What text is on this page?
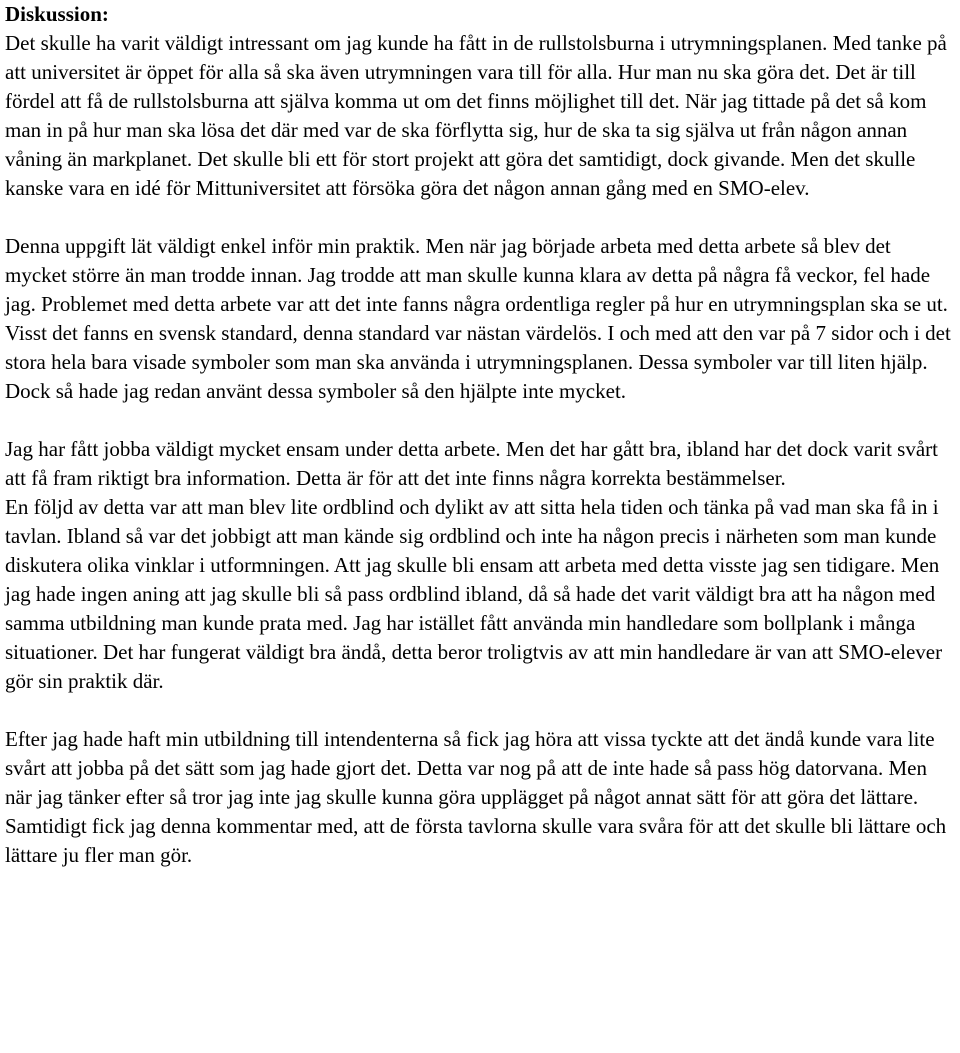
Diskussion:

Det skulle ha varit väldigt intressant om jag kunde ha fått in de rullstolsburna i utrymningsplanen. Med tanke på att universitet är öppet för alla så ska även utrymningen vara till för alla. Hur man nu ska göra det. Det är till fördel att få de rullstolsburna att själva komma ut om det finns möjlighet till det. När jag tittade på det så kom man in på hur man ska lösa det där med var de ska förflytta sig, hur de ska ta sig själva ut från någon annan våning än markplanet. Det skulle bli ett för stort projekt att göra det samtidigt, dock givande. Men det skulle kanske vara en idé för Mittuniversitet att försöka göra det någon annan gång med en SMO-elev.

Denna uppgift lät väldigt enkel inför min praktik. Men när jag började arbeta med detta arbete så blev det mycket större än man trodde innan. Jag trodde att man skulle kunna klara av detta på några få veckor, fel hade jag. Problemet med detta arbete var att det inte fanns några ordentliga regler på hur en utrymningsplan ska se ut. Visst det fanns en svensk standard, denna standard var nästan värdelös. I och med att den var på 7 sidor och i det stora hela bara visade symboler som man ska använda i utrymningsplanen. Dessa symboler var till liten hjälp. Dock så hade jag redan använt dessa symboler så den hjälpte inte mycket.

Jag har fått jobba väldigt mycket ensam under detta arbete. Men det har gått bra, ibland har det dock varit svårt att få fram riktigt bra information. Detta är för att det inte finns några korrekta bestämmelser.

En följd av detta var att man blev lite ordblind och dylikt av att sitta hela tiden och tänka på vad man ska få in i tavlan. Ibland så var det jobbigt att man kände sig ordblind och inte ha någon precis i närheten som man kunde diskutera olika vinklar i utformningen. Att jag skulle bli ensam att arbeta med detta visste jag sen tidigare. Men jag hade ingen aning att jag skulle bli så pass ordblind ibland, då så hade det varit väldigt bra att ha någon med samma utbildning man kunde prata med. Jag har istället fått använda min handledare som bollplank i många situationer. Det har fungerat väldigt bra ändå, detta beror troligtvis av att min handledare är van att SMO-elever gör sin praktik där.

Efter jag hade haft min utbildning till intendenterna så fick jag höra att vissa tyckte att det ändå kunde vara lite svårt att jobba på det sätt som jag hade gjort det. Detta var nog på att de inte hade så pass hög datorvana. Men när jag tänker efter så tror jag inte jag skulle kunna göra upplägget på något annat sätt för att göra det lättare. Samtidigt fick jag denna kommentar med, att de första tavlorna skulle vara svåra för att det skulle bli lättare och lättare ju fler man gör.
